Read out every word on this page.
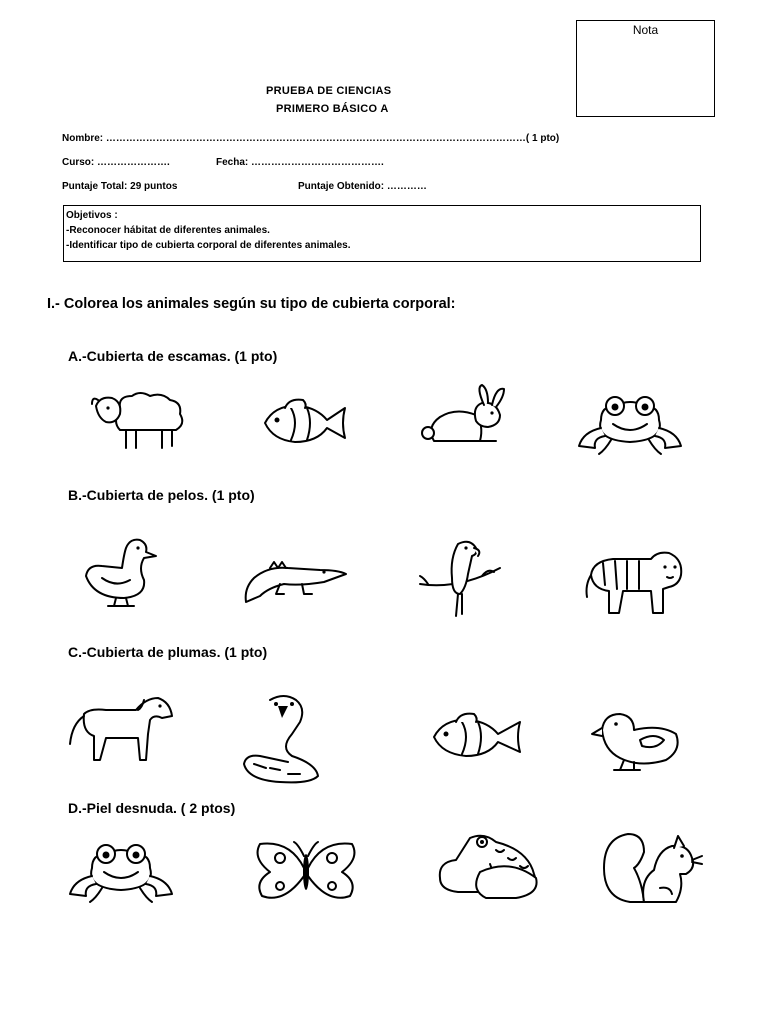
Nota
PRUEBA DE CIENCIAS
PRIMERO BÁSICO A
Nombre: ………………………………………………………………………………………………………………( 1 pto)
Curso: ………………….	Fecha: ………………………………….
Puntaje Total: 29 puntos	Puntaje Obtenido: …………
Objetivos :
-Reconocer hábitat de diferentes animales.
-Identificar tipo de cubierta corporal de diferentes animales.
I.- Colorea los animales según su tipo de cubierta corporal:
A.-Cubierta de escamas. (1 pto)
B.-Cubierta de pelos. (1 pto)
C.-Cubierta de plumas. (1 pto)
D.-Piel desnuda. ( 2 ptos)
